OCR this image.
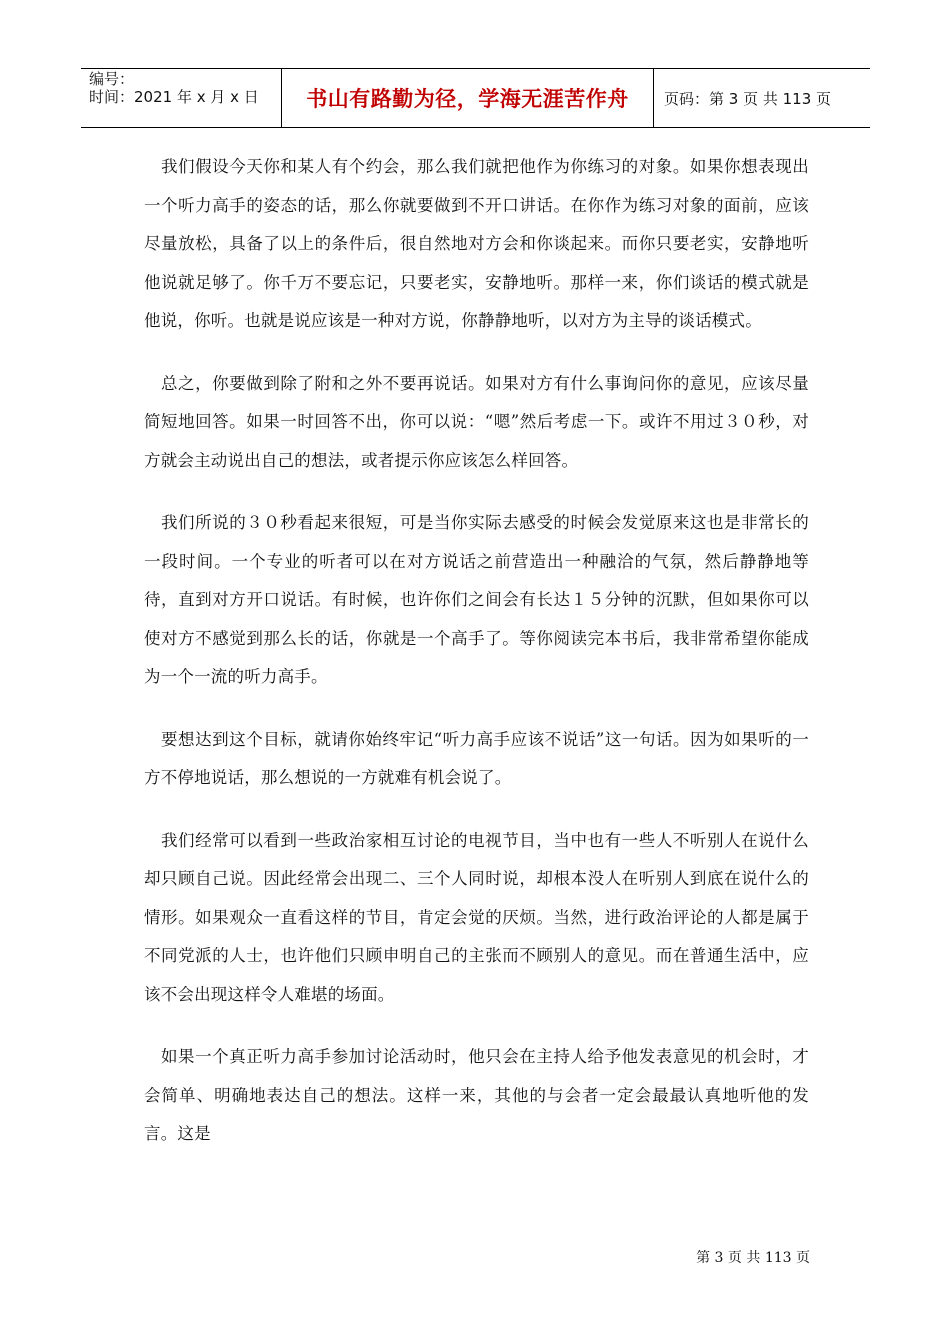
编号：
时间：2021 年 x 月 x 日	书山有路勤为径，学海无涯苦作舟	页码：第 3 页 共 113 页

我们假设今天你和某人有个约会，那么我们就把他作为你练习的对象。如果你想表现出一个听力高手的姿态的话，那么你就要做到不开口讲话。在你作为练习对象的面前，应该尽量放松，具备了以上的条件后，很自然地对方会和你谈起来。而你只要老实，安静地听他说就足够了。你千万不要忘记，只要老实，安静地听。那样一来，你们谈话的模式就是他说，你听。也就是说应该是一种对方说，你静静地听，以对方为主导的谈话模式。

总之，你要做到除了附和之外不要再说话。如果对方有什么事询问你的意见，应该尽量简短地回答。如果一时回答不出，你可以说：“嗯”然后考虑一下。或许不用过３０秒，对方就会主动说出自己的想法，或者提示你应该怎么样回答。

我们所说的３０秒看起来很短，可是当你实际去感受的时候会发觉原来这也是非常长的一段时间。一个专业的听者可以在对方说话之前营造出一种融洽的气氛，然后静静地等待，直到对方开口说话。有时候，也许你们之间会有长达１５分钟的沉默，但如果你可以使对方不感觉到那么长的话，你就是一个高手了。等你阅读完本书后，我非常希望你能成为一个一流的听力高手。

要想达到这个目标，就请你始终牢记“听力高手应该不说话”这一句话。因为如果听的一方不停地说话，那么想说的一方就难有机会说了。

我们经常可以看到一些政治家相互讨论的电视节目，当中也有一些人不听别人在说什么却只顾自己说。因此经常会出现二、三个人同时说，却根本没人在听别人到底在说什么的情形。如果观众一直看这样的节目，肯定会觉的厌烦。当然，进行政治评论的人都是属于不同党派的人士，也许他们只顾申明自己的主张而不顾别人的意见。而在普通生活中，应该不会出现这样令人难堪的场面。

如果一个真正听力高手参加讨论活动时，他只会在主持人给予他发表意见的机会时，才会简单、明确地表达自己的想法。这样一来，其他的与会者一定会最最认真地听他的发言。这是

第 3 页 共 113 页
